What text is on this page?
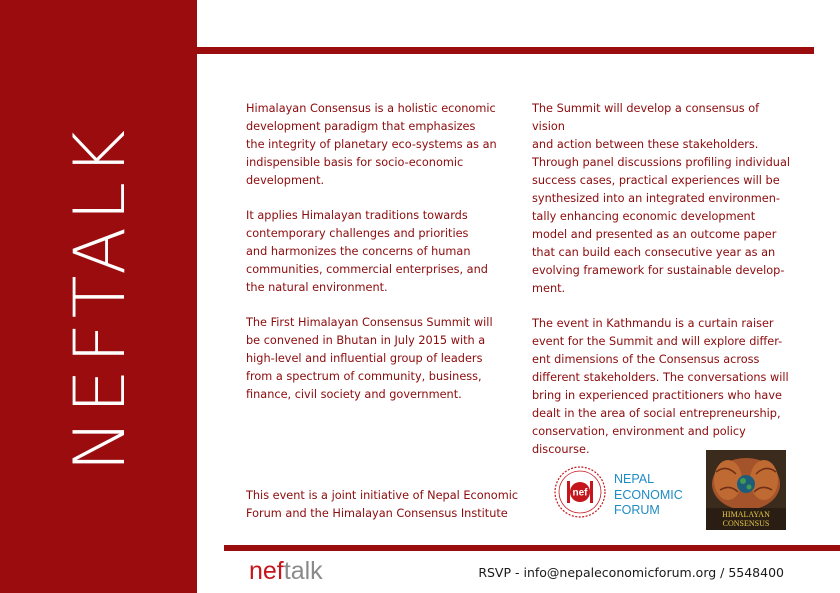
NEFTALK

Himalayan Consensus is a holistic economic
development paradigm that emphasizes
the integrity of planetary eco-systems as an
indispensible basis for socio-economic
development.

It applies Himalayan traditions towards
contemporary challenges and priorities
and harmonizes the concerns of human
communities, commercial enterprises, and
the natural environment.

The First Himalayan Consensus Summit will
be convened in Bhutan in July 2015 with a
high-level and influential group of leaders
from a spectrum of community, business,
finance, civil society and government.

The Summit will develop a consensus of vision
and action between these stakeholders.
Through panel discussions profiling individual
success cases, practical experiences will be
synthesized into an integrated environmen-
tally enhancing economic development
model and presented as an outcome paper
that can build each consecutive year as an
evolving framework for sustainable develop-
ment.

The event in Kathmandu is a curtain raiser
event for the Summit and will explore differ-
ent dimensions of the Consensus across
different stakeholders. The conversations will
bring in experienced practitioners who have
dealt in the area of social entrepreneurship,
conservation, environment and policy
discourse.

This event is a joint initiative of Nepal Economic
Forum and the Himalayan Consensus Institute
nef
NEPAL
ECONOMIC
FORUM	HIMALAYAN
CONSENSUS
neftalk	RSVP - info@nepaleconomicforum.org / 5548400
